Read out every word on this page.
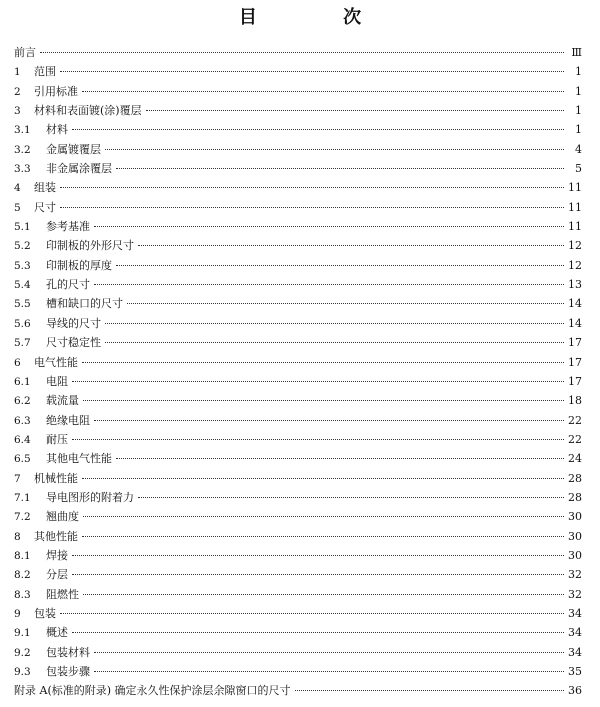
目 次
前言	Ⅲ
1	范围	1
2	引用标准	1
3	材料和表面镀(涂)覆层	1
3.1	材料	1
3.2	金属镀覆层	4
3.3	非金属涂覆层	5
4	组装	11
5	尺寸	11
5.1	参考基准	11
5.2	印制板的外形尺寸	12
5.3	印制板的厚度	12
5.4	孔的尺寸	13
5.5	槽和缺口的尺寸	14
5.6	导线的尺寸	14
5.7	尺寸稳定性	17
6	电气性能	17
6.1	电阻	17
6.2	载流量	18
6.3	绝缘电阻	22
6.4	耐压	22
6.5	其他电气性能	24
7	机械性能	28
7.1	导电图形的附着力	28
7.2	翘曲度	30
8	其他性能	30
8.1	焊接	30
8.2	分层	32
8.3	阻燃性	32
9	包装	34
9.1	概述	34
9.2	包装材料	34
9.3	包装步骤	35
附录 A(标准的附录) 确定永久性保护涂层余隙窗口的尺寸	36
